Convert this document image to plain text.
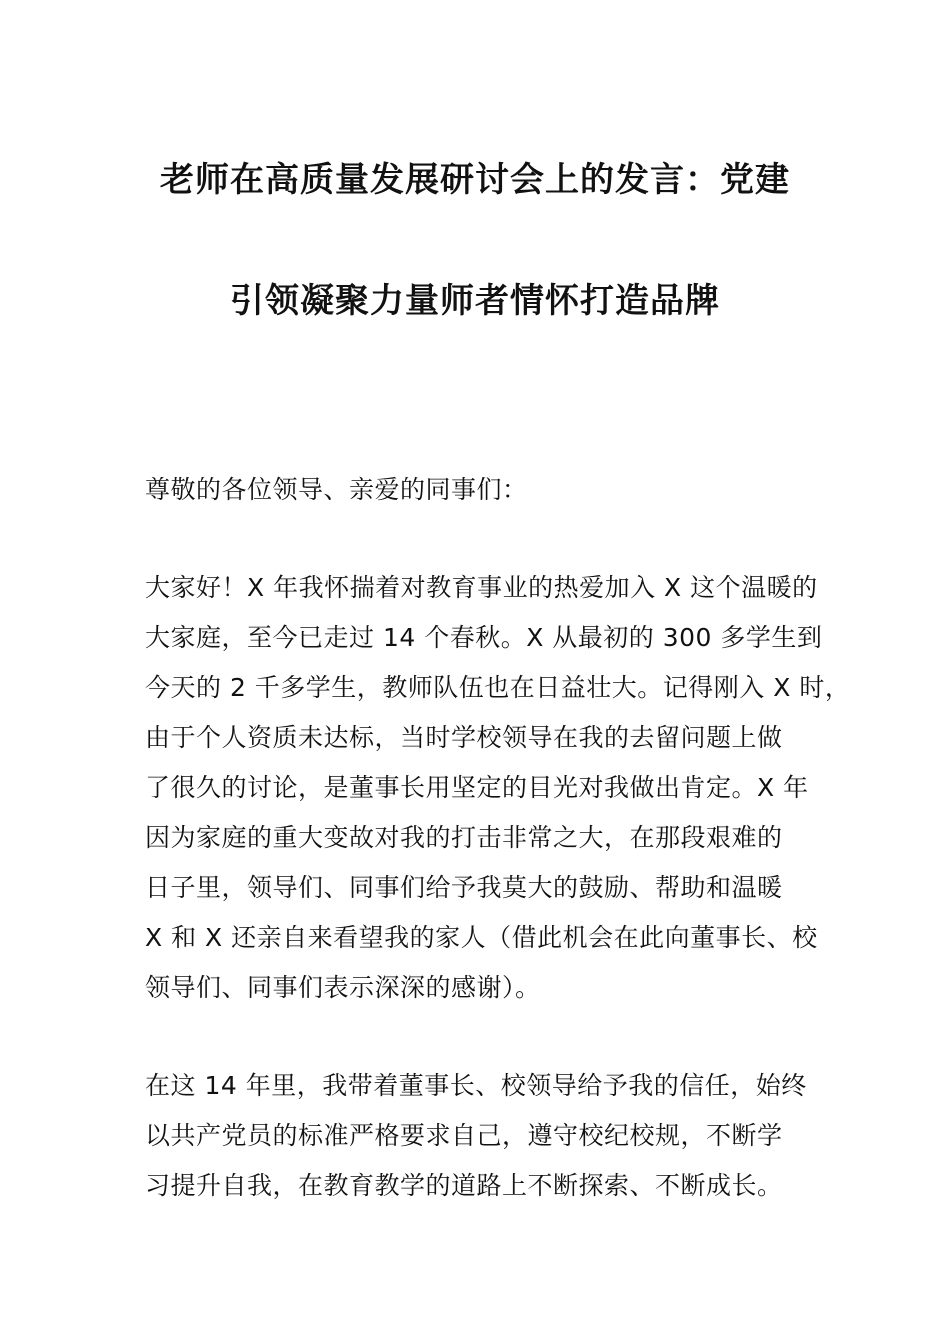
老师在高质量发展研讨会上的发言：党建
引领凝聚力量师者情怀打造品牌
尊敬的各位领导、亲爱的同事们：
大家好！X 年我怀揣着对教育事业的热爱加入 X 这个温暖的
大家庭，至今已走过 14 个春秋。X 从最初的 300 多学生到
今天的 2 千多学生，教师队伍也在日益壮大。记得刚入 X 时，
由于个人资质未达标，当时学校领导在我的去留问题上做
了很久的讨论，是董事长用坚定的目光对我做出肯定。X 年
因为家庭的重大变故对我的打击非常之大，在那段艰难的
日子里，领导们、同事们给予我莫大的鼓励、帮助和温暖
X 和 X 还亲自来看望我的家人（借此机会在此向董事长、校
领导们、同事们表示深深的感谢）。
在这 14 年里，我带着董事长、校领导给予我的信任，始终
以共产党员的标准严格要求自己，遵守校纪校规，不断学
习提升自我，在教育教学的道路上不断探索、不断成长。
